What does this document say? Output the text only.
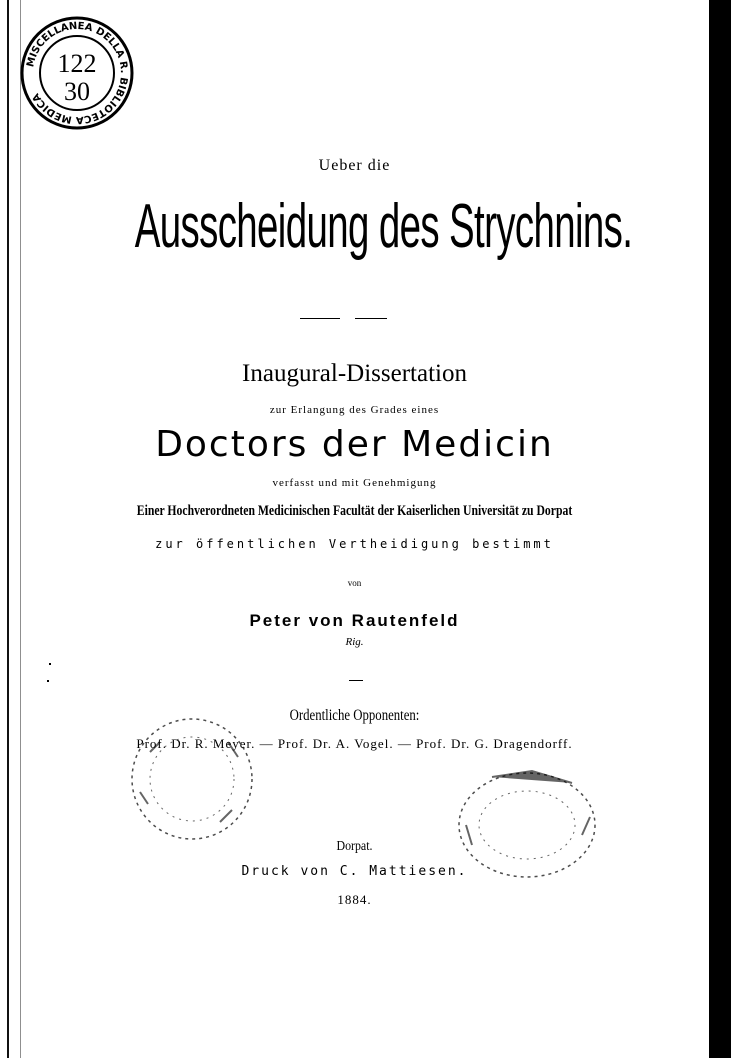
MISCELLANEA DELLA R. BIBLIOTECA MEDICA
122
30
Ueber die
Ausscheidung des Strychnins.
Inaugural-Dissertation
zur Erlangung des Grades eines
Doctors der Medicin
verfasst und mit Genehmigung
Einer Hochverordneten Medicinischen Facultät der Kaiserlichen Universität zu Dorpat
zur öffentlichen Vertheidigung bestimmt
von
Peter von Rautenfeld
Rig.
Ordentliche Opponenten:
Prof. Dr. R. Meyer. — Prof. Dr. A. Vogel. — Prof. Dr. G. Dragendorff.
Dorpat.
Druck von C. Mattiesen.
1884.
